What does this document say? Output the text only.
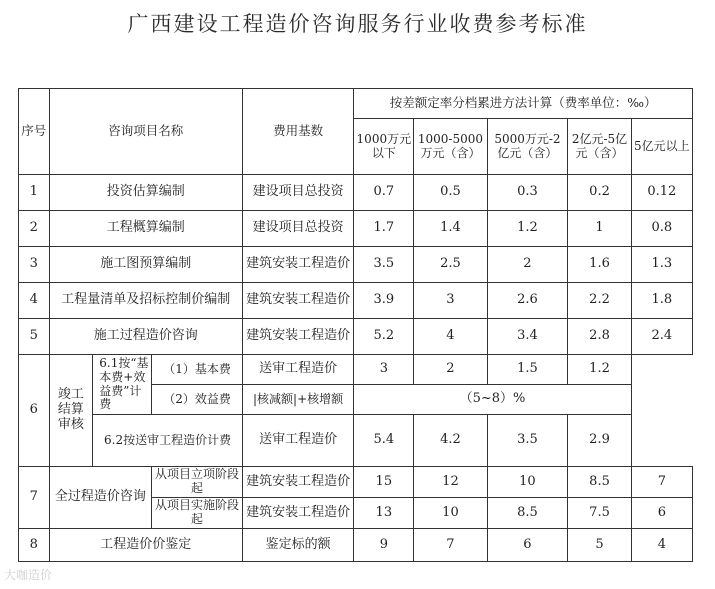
广西建设工程造价咨询服务行业收费参考标准
序号	咨询项目名称			费用基数	按差额定率分档累进方法计算（费率单位：‰）				
					1000万元以下	1000-5000万元（含）	5000万元-2亿元（含）	2亿元-5亿元（含）	5亿元以上
1	投资估算编制			建设项目总投资	0.7	0.5	0.3	0.2	0.12
2	工程概算编制			建设项目总投资	1.7	1.4	1.2	1	0.8
3	施工图预算编制			建筑安装工程造价	3.5	2.5	2	1.6	1.3
4	工程量清单及招标控制价编制			建筑安装工程造价	3.9	3	2.6	2.2	1.8
5	施工过程造价咨询			建筑安装工程造价	5.2	4	3.4	2.8	2.4
6	竣工结算审核	6.1按“基本费+效益费”计费	（1）基本费	送审工程造价	3	2	1.5	1.2	
			（2）效益费	|核减额|+核增额	（5~8）%				
		6.2按送审工程造价计费		送审工程造价	5.4	4.2	3.5	2.9	
7	全过程造价咨询		从项目立项阶段起	建筑安装工程造价	15	12	10	8.5	7
			从项目实施阶段起	建筑安装工程造价	13	10	8.5	7.5	6
8	工程造价价鉴定			鉴定标的额	9	7	6	5	4
大咖造价
